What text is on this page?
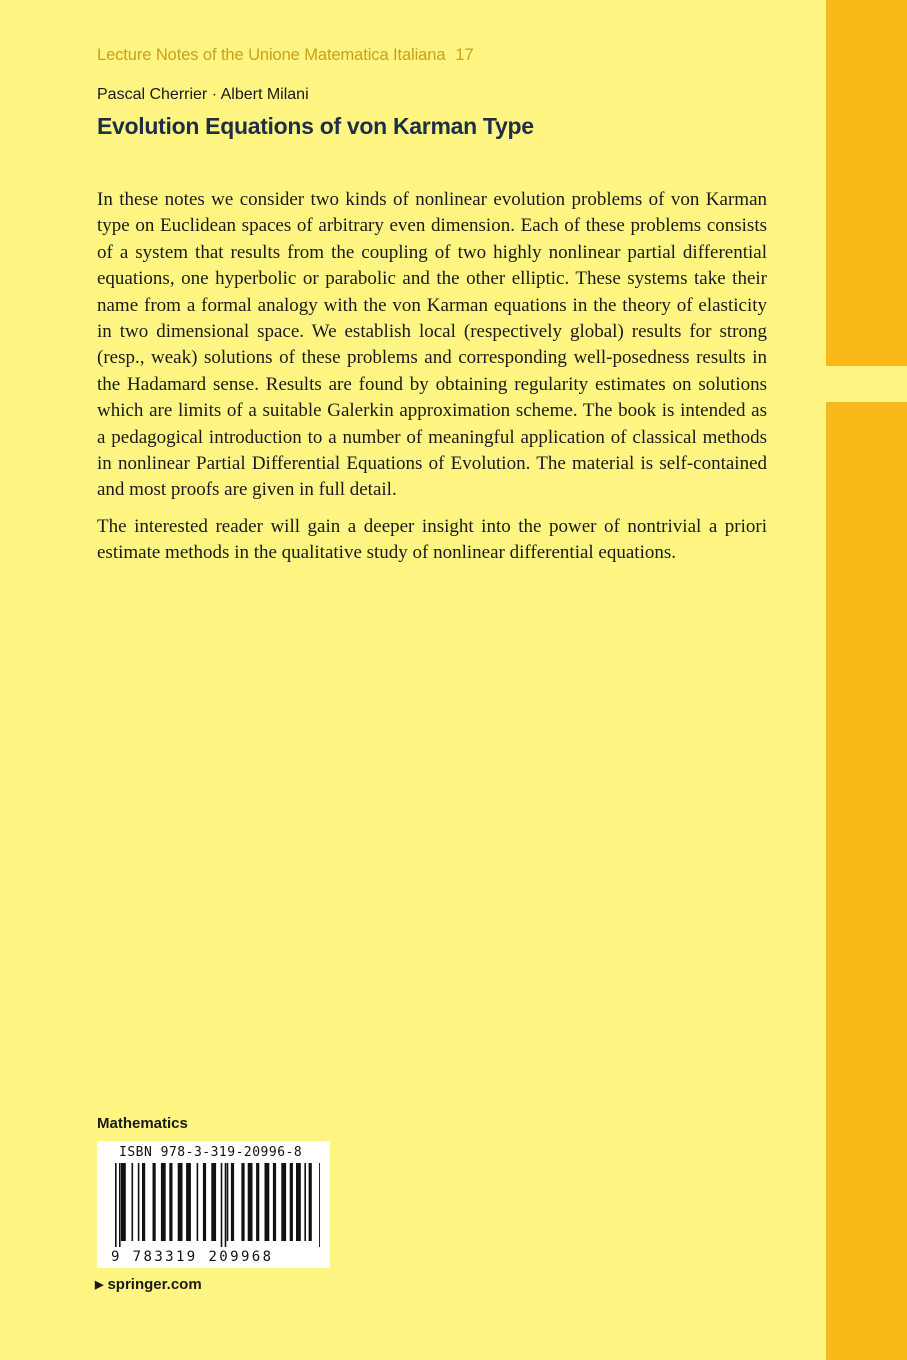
Lecture Notes of the Unione Matematica Italiana 17
Pascal Cherrier · Albert Milani
Evolution Equations of von Karman Type

In these notes we consider two kinds of nonlinear evolution problems of von Karman type on Euclidean spaces of arbitrary even dimension. Each of these problems consists of a system that results from the coupling of two highly nonlinear partial differential equations, one hyperbolic or parabolic and the other elliptic. These systems take their name from a formal analogy with the von Karman equations in the theory of elasticity in two dimensional space. We establish local (respectively global) results for strong (resp., weak) solutions of these problems and corresponding well-posedness results in the Hadamard sense. Results are found by obtaining regularity estimates on solutions which are limits of a suitable Galerkin approximation scheme. The book is intended as a pedagogical introduction to a number of meaningful application of classical methods in nonlinear Partial Differential Equations of Evolution. The material is self-contained and most proofs are given in full detail.

The interested reader will gain a deeper insight into the power of nontrivial a priori estimate methods in the qualitative study of nonlinear differential equations.

Mathematics
ISBN 978-3-319-20996-8
9 783319 209968
▶ springer.com
